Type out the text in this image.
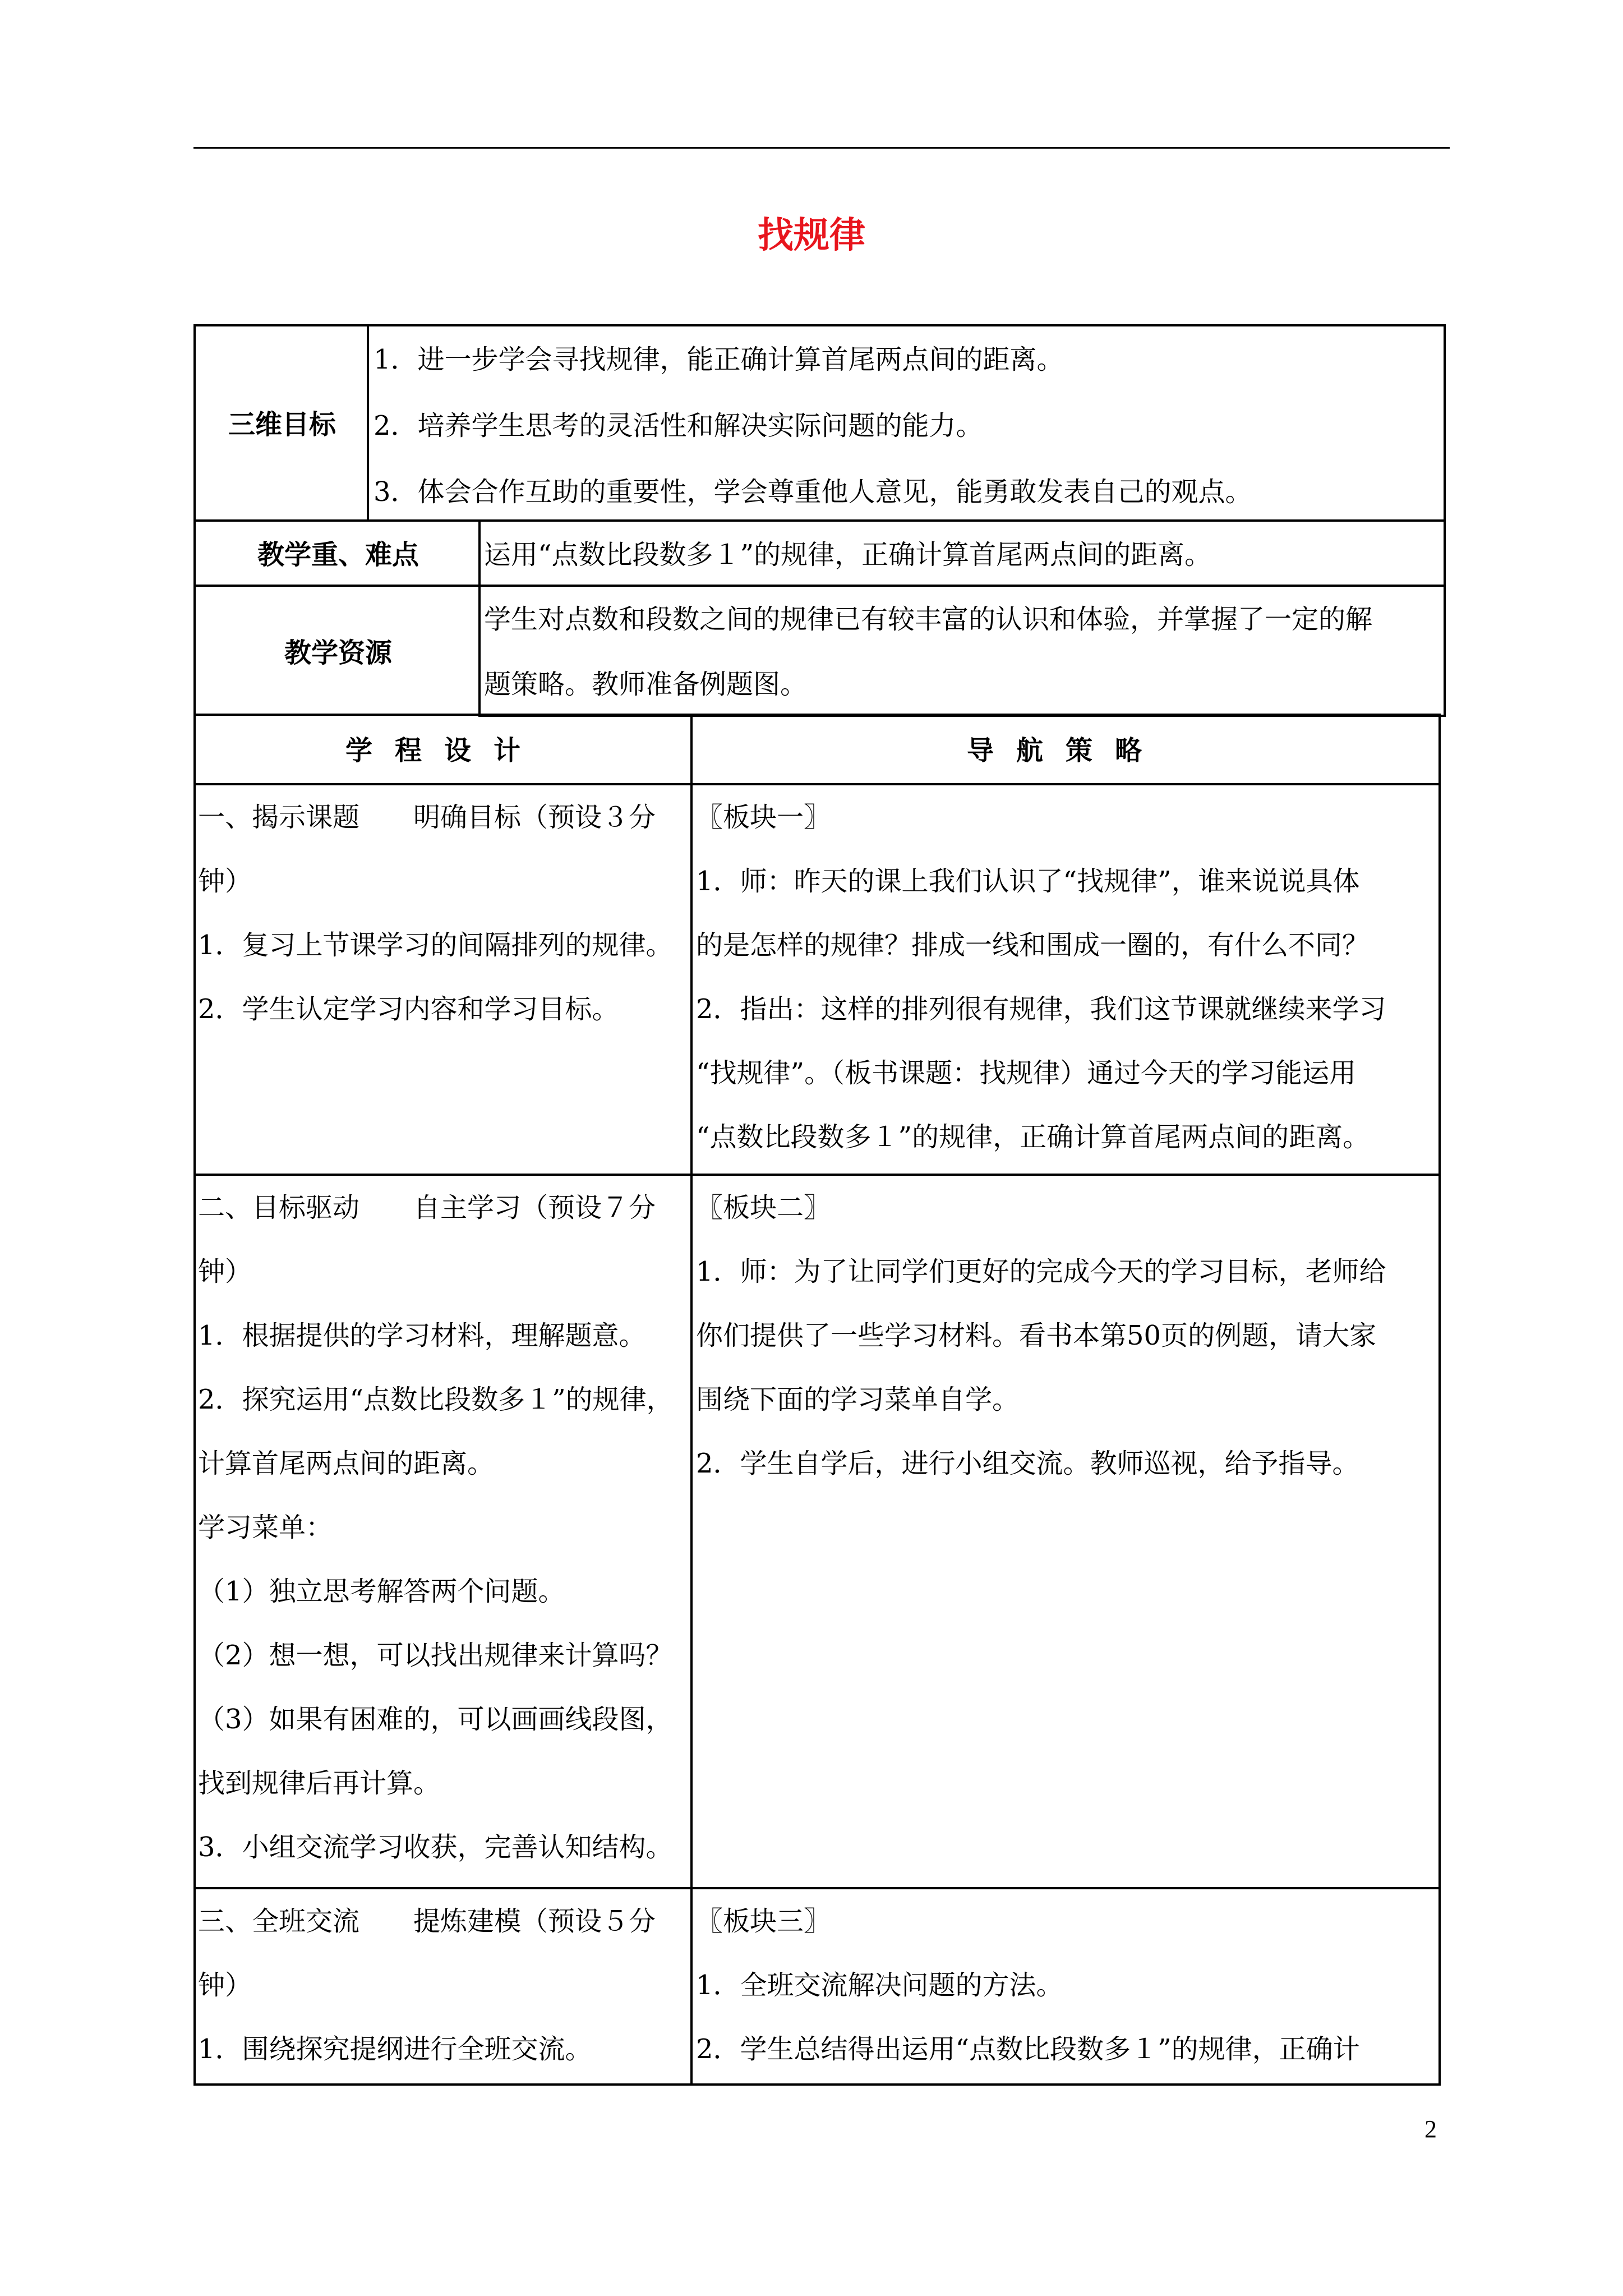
找规律
三维目标
1．进一步学会寻找规律，能正确计算首尾两点间的距离。
2．培养学生思考的灵活性和解决实际问题的能力。
3．体会合作互助的重要性，学会尊重他人意见，能勇敢发表自己的观点。
教学重、难点	运用“点数比段数多１”的规律，正确计算首尾两点间的距离。
教学资源
学生对点数和段数之间的规律已有较丰富的认识和体验，并掌握了一定的解
题策略。教师准备例题图。
学程设计	导航策略
一、揭示课题　　明确目标（预设３分
钟）
1．复习上节课学习的间隔排列的规律。
2．学生认定学习内容和学习目标。
〖板块一〗
1．师：昨天的课上我们认识了“找规律”，谁来说说具体
的是怎样的规律？排成一线和围成一圈的，有什么不同？
2．指出：这样的排列很有规律，我们这节课就继续来学习
“找规律”。（板书课题：找规律）通过今天的学习能运用
“点数比段数多１”的规律，正确计算首尾两点间的距离。
二、目标驱动　　自主学习（预设７分
钟）
1．根据提供的学习材料，理解题意。
2．探究运用“点数比段数多１”的规律，
计算首尾两点间的距离。
学习菜单：
（1）独立思考解答两个问题。
（2）想一想，可以找出规律来计算吗？
（3）如果有困难的，可以画画线段图，
找到规律后再计算。
3．小组交流学习收获，完善认知结构。
〖板块二〗
1．师：为了让同学们更好的完成今天的学习目标，老师给
你们提供了一些学习材料。看书本第50页的例题，请大家
围绕下面的学习菜单自学。
2．学生自学后，进行小组交流。教师巡视，给予指导。
三、全班交流　　提炼建模（预设５分
钟）
1．围绕探究提纲进行全班交流。
〖板块三〗
1．全班交流解决问题的方法。
2．学生总结得出运用“点数比段数多１”的规律，正确计
2
